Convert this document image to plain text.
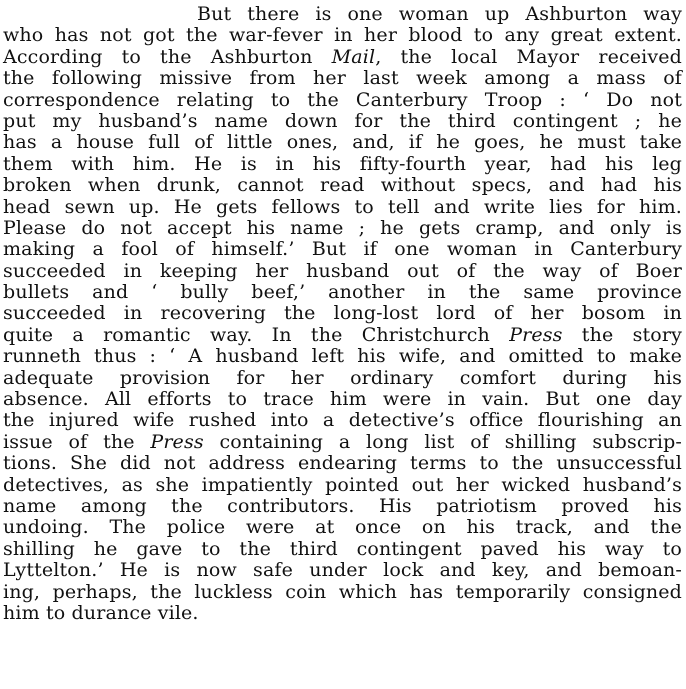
But there is one woman up Ashburton way
who has not got the war-fever in her blood to any great extent.
According to the Ashburton Mail, the local Mayor received
the following missive from her last week among a mass of
correspondence relating to the Canterbury Troop : ‘ Do not
put my husband’s name down for the third contingent ; he
has a house full of little ones, and, if he goes, he must take
them with him. He is in his fifty-fourth year, had his leg
broken when drunk, cannot read without specs, and had his
head sewn up. He gets fellows to tell and write lies for him.
Please do not accept his name ; he gets cramp, and only is
making a fool of himself.’ But if one woman in Canterbury
succeeded in keeping her husband out of the way of Boer
bullets and ‘ bully beef,’ another in the same province
succeeded in recovering the long-lost lord of her bosom in
quite a romantic way. In the Christchurch Press the story
runneth thus : ‘ A husband left his wife, and omitted to make
adequate provision for her ordinary comfort during his
absence. All efforts to trace him were in vain. But one day
the injured wife rushed into a detective’s office flourishing an
issue of the Press containing a long list of shilling subscrip-
tions. She did not address endearing terms to the unsuccessful
detectives, as she impatiently pointed out her wicked husband’s
name among the contributors. His patriotism proved his
undoing. The police were at once on his track, and the
shilling he gave to the third contingent paved his way to
Lyttelton.’ He is now safe under lock and key, and bemoan-
ing, perhaps, the luckless coin which has temporarily consigned
him to durance vile.
